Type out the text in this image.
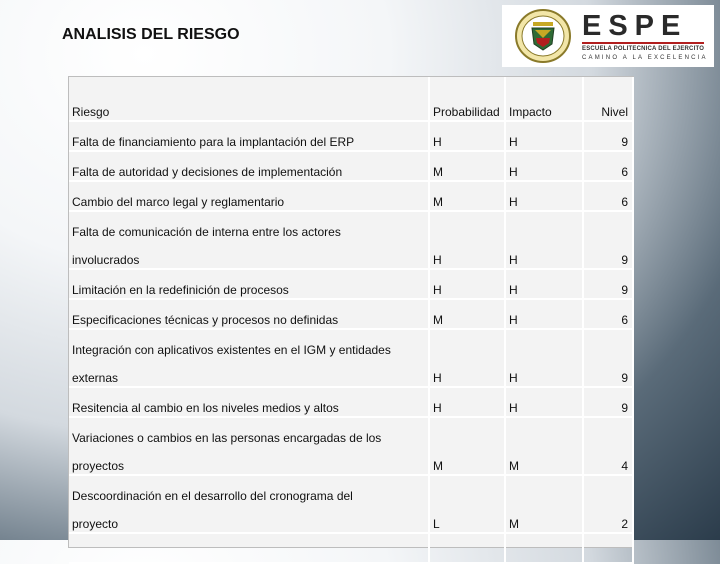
ANALISIS DEL RIESGO	ESPE
ESCUELA POLITECNICA DEL EJERCITO
CAMINO A LA EXCELENCIA
Riesgo	Probabilidad	Impacto	Nivel
Falta de financiamiento para la implantación del ERP	H	H	9
Falta de autoridad y decisiones de implementación	M	H	6
Cambio del marco legal y reglamentario	M	H	6
Falta de comunicación de interna entre los actores

involucrados	H	H	9
Limitación en la redefinición de procesos	H	H	9
Especificaciones técnicas y procesos no definidas	M	H	6
Integración con aplicativos existentes en el IGM y entidades

externas	H	H	9
Resitencia al cambio en los niveles medios y altos	H	H	9
Variaciones o cambios en las personas encargadas de los

proyectos	M	M	4
Descoordinación en el desarrollo del cronograma del

proyecto	L	M	2
